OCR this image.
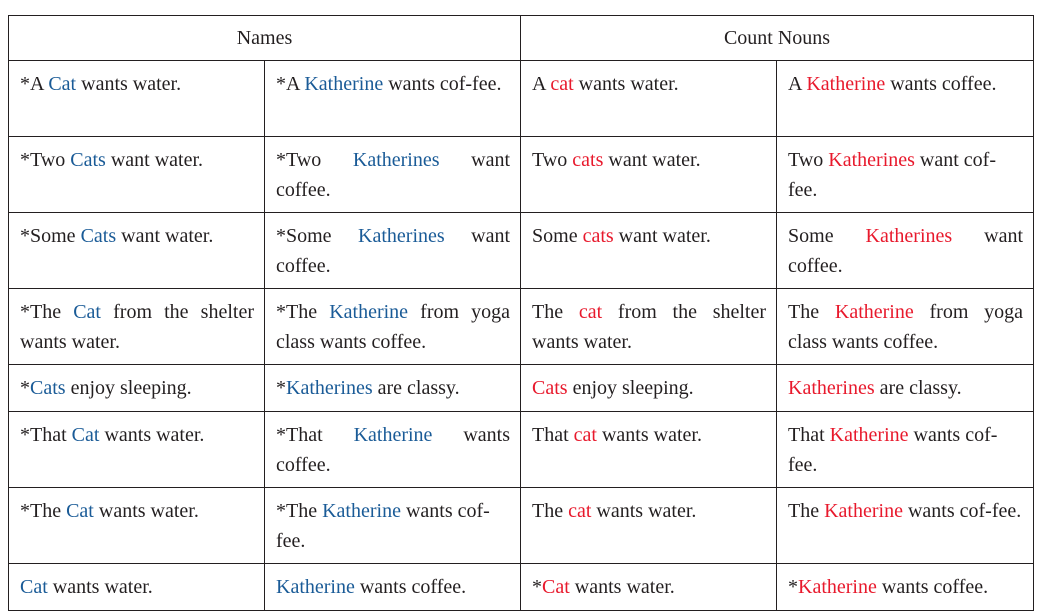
Names		Count Nouns	
*A Cat wants water.	*A Katherine wants cof-fee.	A cat wants water.	A Katherine wants coffee.
*Two Cats want water.	*Two Katherines want coffee.	Two cats want water.	Two Katherines want cof-fee.
*Some Cats want water.	*Some Katherines want coffee.	Some cats want water.	Some Katherines want coffee.
*The Cat from the shelter wants water.	*The Katherine from yoga class wants coffee.	The cat from the shelter wants water.	The Katherine from yoga class wants coffee.
*Cats enjoy sleeping.	*Katherines are classy.	Cats enjoy sleeping.	Katherines are classy.
*That Cat wants water.	*That Katherine wants coffee.	That cat wants water.	That Katherine wants cof-fee.
*The Cat wants water.	*The Katherine wants cof-fee.	The cat wants water.	The Katherine wants cof-fee.
Cat wants water.	Katherine wants coffee.	*Cat wants water.	*Katherine wants coffee.
